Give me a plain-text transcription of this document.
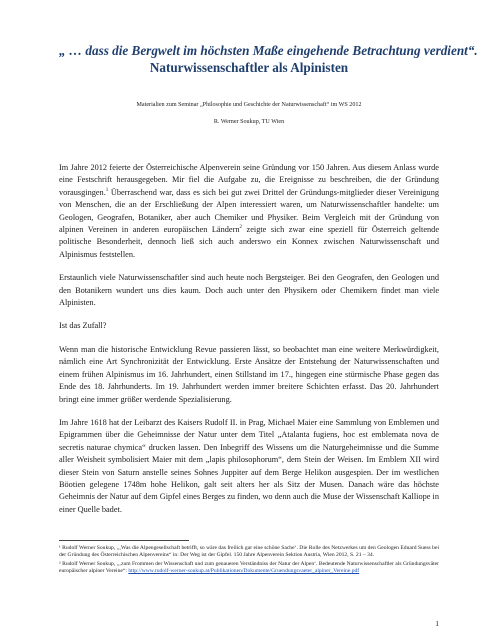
„ … dass die Bergwelt im höchsten Maße eingehende Betrachtung verdient“.
Naturwissenschaftler als Alpinisten

Materialien zum Seminar „Philosophie und Geschichte der Naturwissenschaft“ im WS 2012

R. Werner Soukup, TU Wien

Im Jahre 2012 feierte der Österreichische Alpenverein seine Gründung vor 150 Jahren. Aus diesem Anlass wurde eine Festschrift herausgegeben. Mir fiel die Aufgabe zu, die Ereignisse zu beschreiben, die der Gründung vorausgingen.$^1$ Überraschend war, dass es sich bei gut zwei Drittel der Gründungs-mitglieder dieser Vereinigung von Menschen, die an der Erschließung der Alpen interessiert waren, um Naturwissenschaftler handelte: um Geologen, Geografen, Botaniker, aber auch Chemiker und Physiker. Beim Vergleich mit der Gründung von alpinen Vereinen in anderen europäischen Ländern$^2$ zeigte sich zwar eine speziell für Österreich geltende politische Besonderheit, dennoch ließ sich auch anderswo ein Konnex zwischen Naturwissenschaft und Alpinismus feststellen.

Erstaunlich viele Naturwissenschaftler sind auch heute noch Bergsteiger. Bei den Geografen, den Geologen und den Botanikern wundert uns dies kaum. Doch auch unter den Physikern oder Chemikern findet man viele Alpinisten.

Ist das Zufall?

Wenn man die historische Entwicklung Revue passieren lässt, so beobachtet man eine weitere Merkwürdigkeit, nämlich eine Art Synchronizität der Entwicklung. Erste Ansätze der Entstehung der Naturwissenschaften und einem frühen Alpinismus im 16. Jahrhundert, einen Stillstand im 17., hingegen eine stürmische Phase gegen das Ende des 18. Jahrhunderts. Im 19. Jahrhundert werden immer breitere Schichten erfasst. Das 20. Jahrhundert bringt eine immer größer werdende Spezialisierung.

Im Jahre 1618 hat der Leibarzt des Kaisers Rudolf II. in Prag, Michael Maier eine Sammlung von Emblemen und Epigrammen über die Geheimnisse der Natur unter dem Titel „Atalanta fugiens, hoc est emblemata nova de secretis naturae chymica“ drucken lassen. Den Inbegriff des Wissens um die Naturgeheimnisse und die Summe aller Weisheit symbolisiert Maier mit dem „lapis philosophorum“, dem Stein der Weisen. Im Emblem XII wird dieser Stein von Saturn anstelle seines Sohnes Juppiter auf dem Berge Helikon ausgespien. Der im westlichen Böotien gelegene 1748m hohe Helikon, galt seit alters her als Sitz der Musen. Danach wäre das höchste Geheimnis der Natur auf dem Gipfel eines Berges zu finden, wo denn auch die Muse der Wissenschaft Kalliope in einer Quelle badet.

¹ Rudolf Werner Soukup, „‚Was die Alpengesellschaft betrifft, so wäre das freilich gar eine schöne Sache‘. Die Rolle des Netzwerkes um den Geologen Eduard Suess bei der Gründung des Österreichischen Alpenvereins“ in: Der Weg ist der Gipfel. 150 Jahre Alpenverein Sektion Austria, Wien 2012, S. 21 – 34.

² Rudolf Werner Soukup, „‚zum Frommen der Wissenschaft und zum genaueren Verständniss der Natur der Alpen‘. Bedeutende Naturwissenschaftler als Gründungsväter europäischer alpiner Vereine“: http://www.rudolf-werner-soukup.at/Publikationen/Dokumente/Gruendungsvaeter_alpiner_Vereine.pdf

1
